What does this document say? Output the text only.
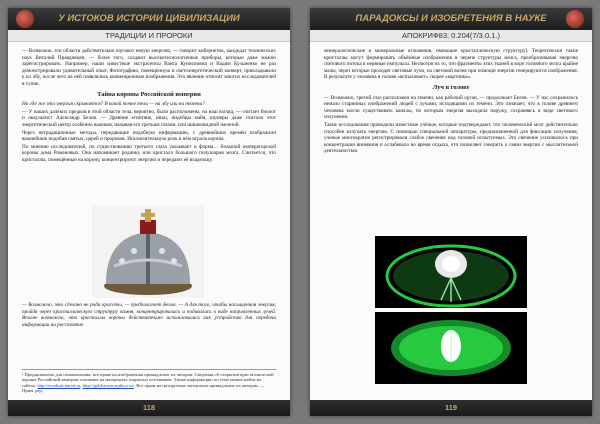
У ИСТОКОВ ИСТОРИИ ЦИВИЛИЗАЦИИ
ТРАДИЦИИ И ПРОРОКИ

— Возможно, эти области действительно изучают некую энергию, — говорит кибернетик, кандидат технических наук Виталий Правдивцев, — более того, создают высокотехнологичные приборы, которые даже можно зарегистрировать. Например, наши известные экстрасенсы Ванга Кунисиовна и Вадим Кузьменко не раз демонстрировали удивительный опыт. Фотографию, помещенную в светоэнергетический конверт, прикладывали к их лбу, после чего на ней появлялись конвенционные изображения. Это явление относят многих исследователей в тупик.

Тайна короны Российской империи

Но где же эта энергия скрывается? В какой точке тела — на лбу или на темени?

— У наших далёких предков в этой области тела, вероятно, были расположены, на наш взгляд, — считает биолог и оккультист Александр Белов. — Древние египтяне, инки, индейцы майя, шумеры даже считали этот энергетический центр особенно важным, называя его третьим глазом, или шишковидной железой.

Через нетрадиционные методы, передающие подобную информацию, с древнейших времён изображали важнейшие подобия святых, царей и пророков. Исключительную роль в нём играла корона.

По мнению исследователей, по существованию третьего глаза указывает и форма… большой императорской короны дома Романовых. Она напоминает родинку или кристалл большого полушария мозга. Считается, что кристаллы, помещённые на корону, концентрируют энергию и передают её владельцу.

— Возможно, это сделано не ради красоты, — предполагает Белов. — А для того, чтобы насыщенная энергия, пройдя через кристаллическую структуру камня, концентрировалась и подавалась в виде направленных лучей. Вполне возможно, что кристаллы короны действительно использовались как устройство для передачи информации на расстояние.

¹ Предназначено для ознакомления, все права на изображения принадлежат их авторам. Сведения об открытии кристаллической короны Российской империи основаны на материалах открытых источников. Также информацию по теме можно найти на сайтах: http://scorbuts.narod.ru, http://goldcrown.arabica.ru/. Все права на цитируемые материалы принадлежат их авторам. — Прим. ред.
118
ПАРАДОКСЫ И ИЗОБРЕТЕНИЯ В НАУКЕ
АПОКРИФ83: 0.204(7/3.0.1.)

минералогические и минеральные отложения, имеющие кристаллическую структуру). Теоретически такие кристаллы могут формировать объёмные изображения в черепе структуры мозга, преобразовывая энергию светового потока в нервные импульсы. Несмотря на то, что фрагменты этих тканей в коре головного мозга крайне малы, через которые проходят световые лучи, на световой волне при помощи энергии генерируются изображения. В результате у человека в голове «вспыхивает» скорее «картинка».

Луч в голове

— Возможно, третий глаз расположен на темени, как рабочий орган, — продолжает Белов. — У нас сохранилось немало старинных изображений людей с лучами, исходящими из темени. Это означает, что в голове древнего человека могли существовать каналы, по которым энергия выходила наружу, сохраняясь в виде светового излучения.

Такие исследования проводили известные учёные, которые подтверждают, что человеческий мозг действительно способен излучать энергию. С помощью специальной аппаратуры, предназначенной для фиксации излучения, ученые многократно регистрировали слабое свечение над головой испытуемых. Это свечение усиливалось при концентрации внимания и ослабевало во время отдыха, что позволяет говорить о связи энергии с мыслительной деятельностью.

119
